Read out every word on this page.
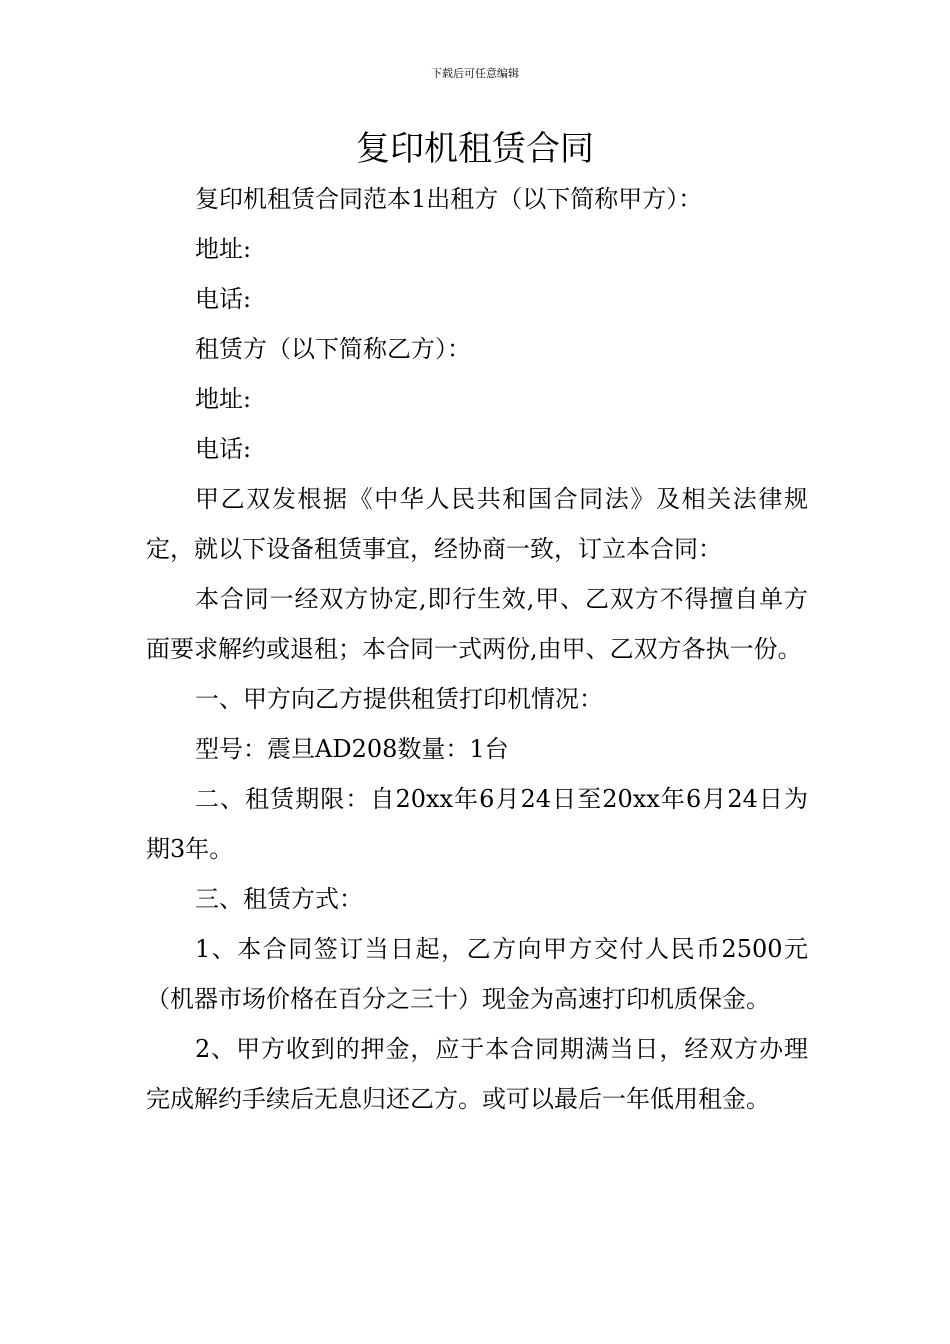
下载后可任意编辑
复印机租赁合同

复印机租赁合同范本1出租方（以下简称甲方）：

地址:

电话:

租赁方（以下简称乙方）：

地址:

电话:

甲乙双发根据《中华人民共和国合同法》及相关法律规定，就以下设备租赁事宜，经协商一致，订立本合同：

本合同一经双方协定,即行生效,甲、乙双方不得擅自单方面要求解约或退租；本合同一式两份,由甲、乙双方各执一份。

一、甲方向乙方提供租赁打印机情况：

型号：震旦AD208数量：1台

二、租赁期限：自20xx年6月24日至20xx年6月24日为期3年。

三、租赁方式：

1、本合同签订当日起，乙方向甲方交付人民币2500元（机器市场价格在百分之三十）现金为高速打印机质保金。

2、甲方收到的押金，应于本合同期满当日，经双方办理完成解约手续后无息归还乙方。或可以最后一年低用租金。
